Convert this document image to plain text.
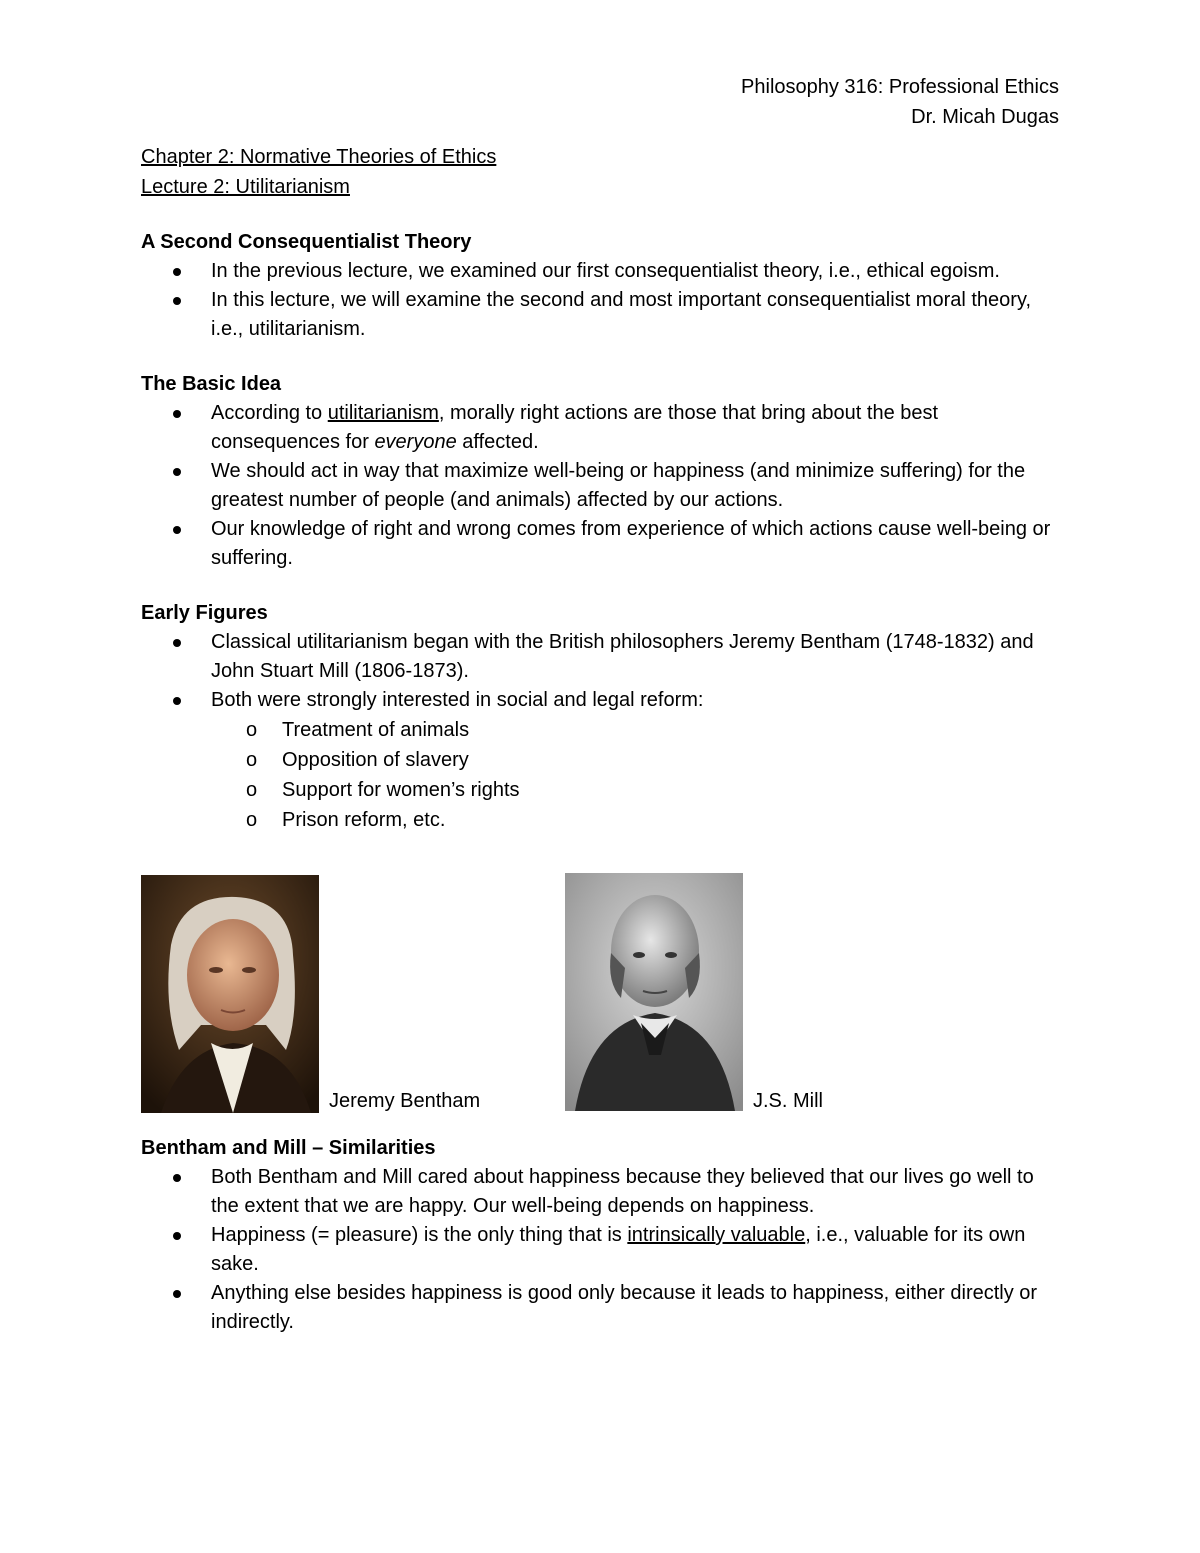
Philosophy 316: Professional Ethics
Dr. Micah Dugas
Chapter 2: Normative Theories of Ethics
Lecture 2: Utilitarianism
A Second Consequentialist Theory
In the previous lecture, we examined our first consequentialist theory, i.e., ethical egoism.
In this lecture, we will examine the second and most important consequentialist moral theory, i.e., utilitarianism.
The Basic Idea
According to utilitarianism, morally right actions are those that bring about the best consequences for everyone affected.
We should act in way that maximize well-being or happiness (and minimize suffering) for the greatest number of people (and animals) affected by our actions.
Our knowledge of right and wrong comes from experience of which actions cause well-being or suffering.
Early Figures
Classical utilitarianism began with the British philosophers Jeremy Bentham (1748-1832) and John Stuart Mill (1806-1873).
Both were strongly interested in social and legal reform:
o Treatment of animals
o Opposition of slavery
o Support for women’s rights
o Prison reform, etc.
Jeremy Bentham	J.S. Mill
Bentham and Mill – Similarities
Both Bentham and Mill cared about happiness because they believed that our lives go well to the extent that we are happy. Our well-being depends on happiness.
Happiness (= pleasure) is the only thing that is intrinsically valuable, i.e., valuable for its own sake.
Anything else besides happiness is good only because it leads to happiness, either directly or indirectly.
